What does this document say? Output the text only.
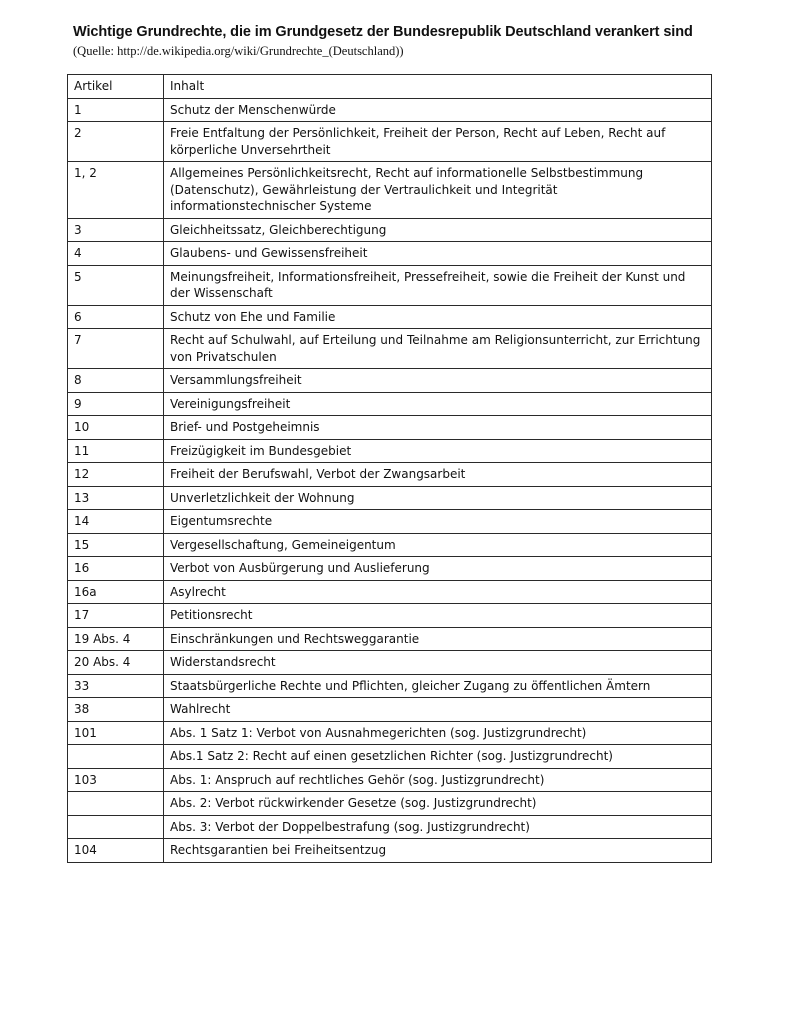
Wichtige Grundrechte, die im Grundgesetz der Bundesrepublik Deutschland verankert sind
(Quelle: http://de.wikipedia.org/wiki/Grundrechte_(Deutschland))
Artikel	Inhalt
1	Schutz der Menschenwürde
2	Freie Entfaltung der Persönlichkeit, Freiheit der Person, Recht auf Leben, Recht auf körperliche Unversehrtheit
1, 2	Allgemeines Persönlichkeitsrecht, Recht auf informationelle Selbstbestimmung (Datenschutz), Gewährleistung der Vertraulichkeit und Integrität informationstechnischer Systeme
3	Gleichheitssatz, Gleichberechtigung
4	Glaubens- und Gewissensfreiheit
5	Meinungsfreiheit, Informationsfreiheit, Pressefreiheit, sowie die Freiheit der Kunst und der Wissenschaft
6	Schutz von Ehe und Familie
7	Recht auf Schulwahl, auf Erteilung und Teilnahme am Religionsunterricht, zur Errichtung von Privatschulen
8	Versammlungsfreiheit
9	Vereinigungsfreiheit
10	Brief- und Postgeheimnis
11	Freizügigkeit im Bundesgebiet
12	Freiheit der Berufswahl, Verbot der Zwangsarbeit
13	Unverletzlichkeit der Wohnung
14	Eigentumsrechte
15	Vergesellschaftung, Gemeineigentum
16	Verbot von Ausbürgerung und Auslieferung
16a	Asylrecht
17	Petitionsrecht
19 Abs. 4	Einschränkungen und Rechtsweggarantie
20 Abs. 4	Widerstandsrecht
33	Staatsbürgerliche Rechte und Pflichten, gleicher Zugang zu öffentlichen Ämtern
38	Wahlrecht
101	Abs. 1 Satz 1: Verbot von Ausnahmegerichten (sog. Justizgrundrecht)
	Abs.1 Satz 2: Recht auf einen gesetzlichen Richter (sog. Justizgrundrecht)
103	Abs. 1: Anspruch auf rechtliches Gehör (sog. Justizgrundrecht)
	Abs. 2: Verbot rückwirkender Gesetze (sog. Justizgrundrecht)
	Abs. 3: Verbot der Doppelbestrafung (sog. Justizgrundrecht)
104	Rechtsgarantien bei Freiheitsentzug
